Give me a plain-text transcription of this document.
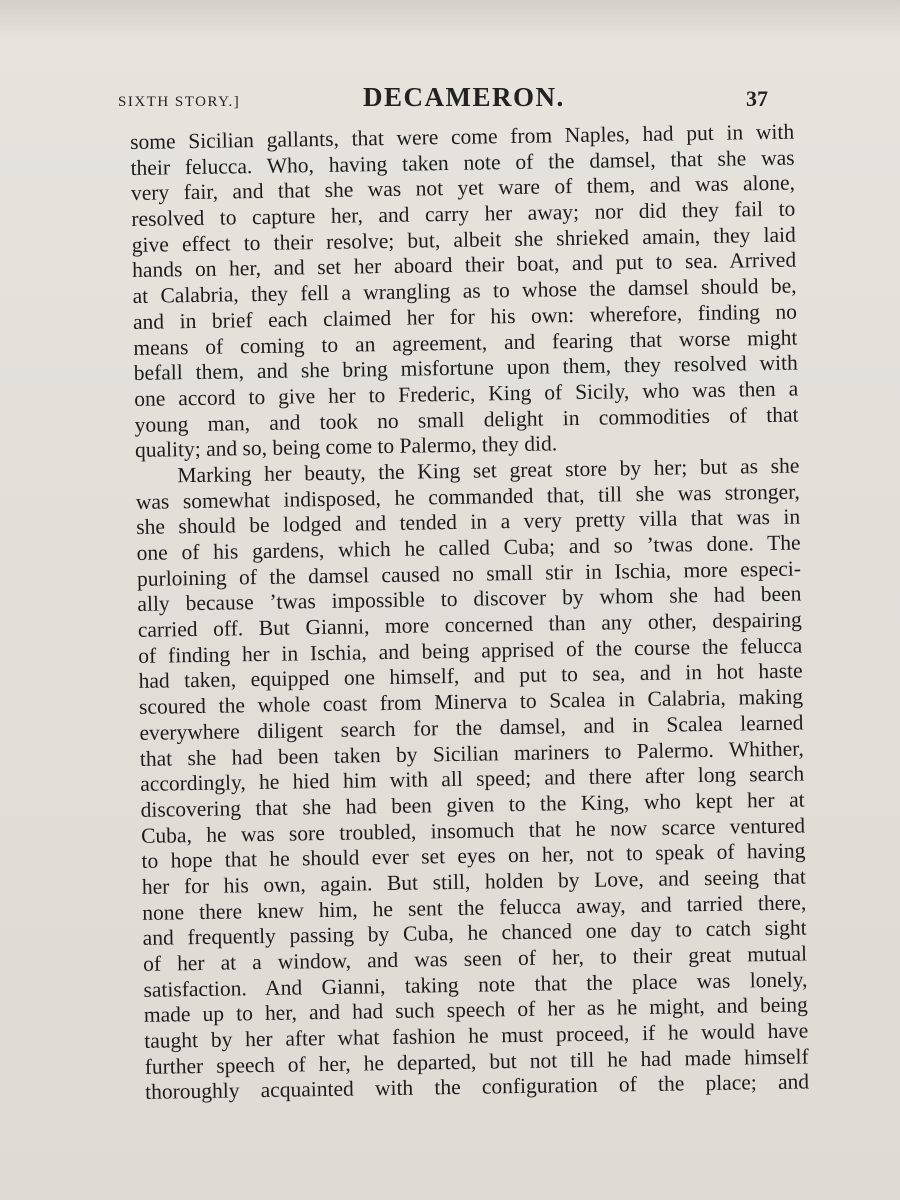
SIXTH STORY.]	DECAMERON.	37
some Sicilian gallants, that were come from Naples, had put in with
their felucca. Who, having taken note of the damsel, that she was
very fair, and that she was not yet ware of them, and was alone,
resolved to capture her, and carry her away; nor did they fail to
give effect to their resolve; but, albeit she shrieked amain, they laid
hands on her, and set her aboard their boat, and put to sea. Arrived
at Calabria, they fell a wrangling as to whose the damsel should be,
and in brief each claimed her for his own: wherefore, finding no
means of coming to an agreement, and fearing that worse might
befall them, and she bring misfortune upon them, they resolved with
one accord to give her to Frederic, King of Sicily, who was then a
young man, and took no small delight in commodities of that
quality; and so, being come to Palermo, they did.
Marking her beauty, the King set great store by her; but as she
was somewhat indisposed, he commanded that, till she was stronger,
she should be lodged and tended in a very pretty villa that was in
one of his gardens, which he called Cuba; and so ’twas done. The
purloining of the damsel caused no small stir in Ischia, more especi-
ally because ’twas impossible to discover by whom she had been
carried off. But Gianni, more concerned than any other, despairing
of finding her in Ischia, and being apprised of the course the felucca
had taken, equipped one himself, and put to sea, and in hot haste
scoured the whole coast from Minerva to Scalea in Calabria, making
everywhere diligent search for the damsel, and in Scalea learned
that she had been taken by Sicilian mariners to Palermo. Whither,
accordingly, he hied him with all speed; and there after long search
discovering that she had been given to the King, who kept her at
Cuba, he was sore troubled, insomuch that he now scarce ventured
to hope that he should ever set eyes on her, not to speak of having
her for his own, again. But still, holden by Love, and seeing that
none there knew him, he sent the felucca away, and tarried there,
and frequently passing by Cuba, he chanced one day to catch sight
of her at a window, and was seen of her, to their great mutual
satisfaction. And Gianni, taking note that the place was lonely,
made up to her, and had such speech of her as he might, and being
taught by her after what fashion he must proceed, if he would have
further speech of her, he departed, but not till he had made himself
thoroughly acquainted with the configuration of the place; and
